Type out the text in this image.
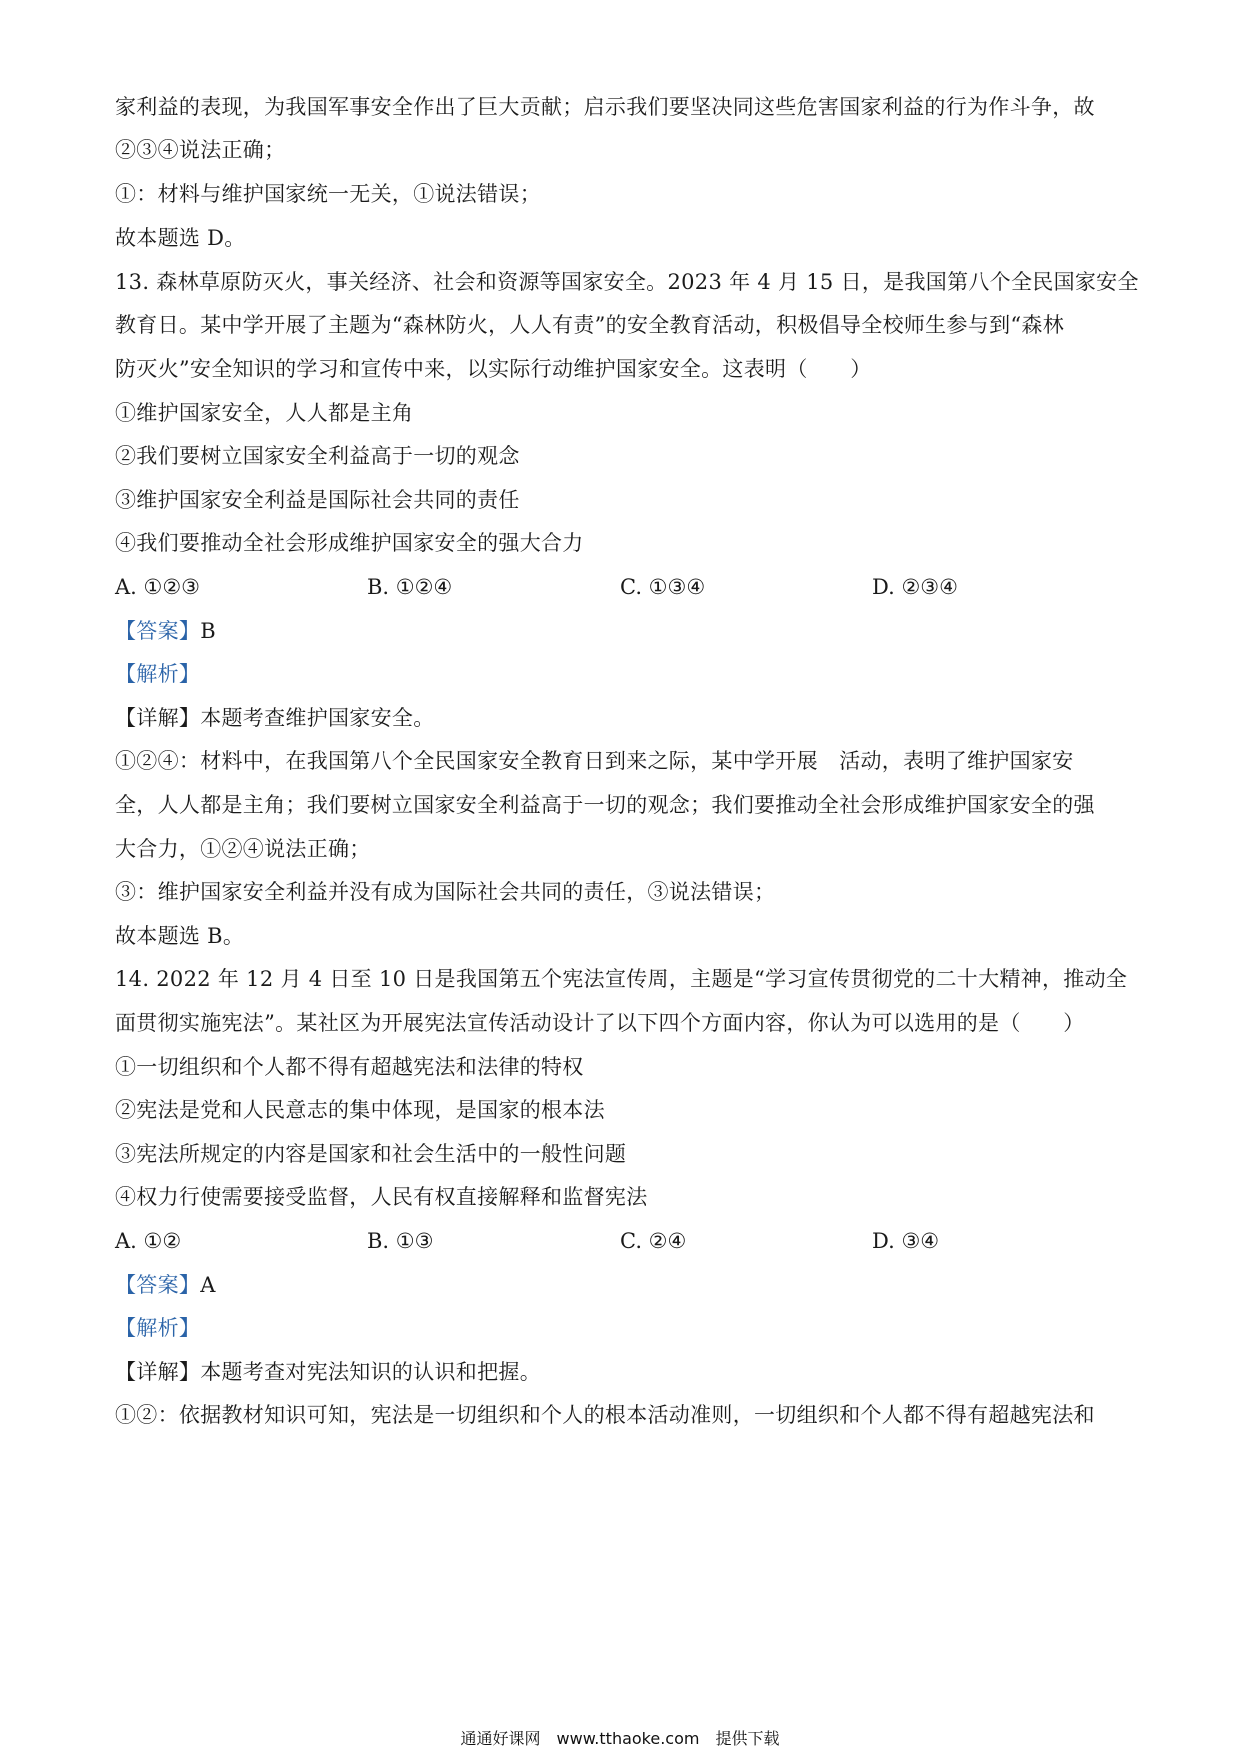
家利益的表现，为我国军事安全作出了巨大贡献；启示我们要坚决同这些危害国家利益的行为作斗争，故
②③④说法正确；
①：材料与维护国家统一无关，①说法错误；
故本题选 D。
13. 森林草原防灭火，事关经济、社会和资源等国家安全。2023 年 4 月 15 日，是我国第八个全民国家安全
教育日。某中学开展了主题为“森林防火，人人有责”的安全教育活动，积极倡导全校师生参与到“森林
防灭火”安全知识的学习和宣传中来，以实际行动维护国家安全。这表明（　　）
①维护国家安全，人人都是主角
②我们要树立国家安全利益高于一切的观念
③维护国家安全利益是国际社会共同的责任
④我们要推动全社会形成维护国家安全的强大合力
A. ①②③	B. ①②④	C. ①③④	D. ②③④
【答案】B
【解析】
【详解】本题考查维护国家安全。
①②④：材料中，在我国第八个全民国家安全教育日到来之际，某中学开展　活动，表明了维护国家安
全，人人都是主角；我们要树立国家安全利益高于一切的观念；我们要推动全社会形成维护国家安全的强
大合力，①②④说法正确；
③：维护国家安全利益并没有成为国际社会共同的责任，③说法错误；
故本题选 B。
14. 2022 年 12 月 4 日至 10 日是我国第五个宪法宣传周，主题是“学习宣传贯彻党的二十大精神，推动全
面贯彻实施宪法”。某社区为开展宪法宣传活动设计了以下四个方面内容，你认为可以选用的是（　　）
①一切组织和个人都不得有超越宪法和法律的特权
②宪法是党和人民意志的集中体现，是国家的根本法
③宪法所规定的内容是国家和社会生活中的一般性问题
④权力行使需要接受监督，人民有权直接解释和监督宪法
A. ①②	B. ①③	C. ②④	D. ③④
【答案】A
【解析】
【详解】本题考查对宪法知识的认识和把握。
①②：依据教材知识可知，宪法是一切组织和个人的根本活动准则，一切组织和个人都不得有超越宪法和
通通好课网　www.tthaoke.com　提供下载
